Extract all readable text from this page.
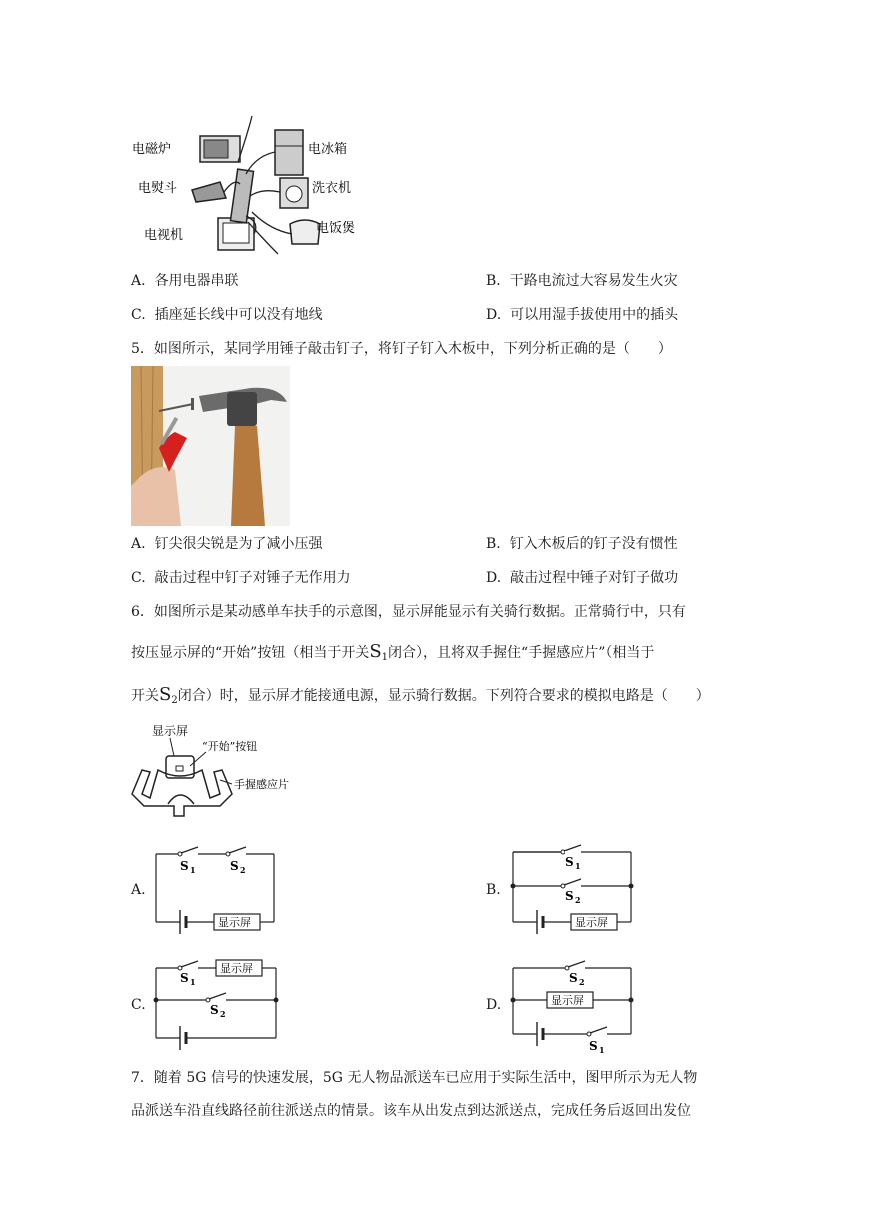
电磁炉	电冰箱
电熨斗	洗衣机
电视机	电饭煲
A. 各用电器串联	B. 干路电流过大容易发生火灾
C. 插座延长线中可以没有地线	D. 可以用湿手拔使用中的插头
5．如图所示，某同学用锤子敲击钉子，将钉子钉入木板中，下列分析正确的是（　　）
A. 钉尖很尖锐是为了减小压强	B. 钉入木板后的钉子没有惯性
C. 敲击过程中钉子对锤子无作用力	D. 敲击过程中锤子对钉子做功
6．如图所示是某动感单车扶手的示意图，显示屏能显示有关骑行数据。正常骑行中，只有
按压显示屏的“开始”按钮（相当于开关$S_1$闭合），且将双手握住“手握感应片”（相当于
开关$S_2$闭合）时，显示屏才能接通电源，显示骑行数据。下列符合要求的模拟电路是（　　）
显示屏
“开始”按钮
手握感应片
A.
S 1	S 2
显示屏
B.
S 1
S 2
显示屏
C.
S 1
显示屏
S 2
D.
S 2
显示屏
S 1
7．随着 5G 信号的快速发展，5G 无人物品派送车已应用于实际生活中，图甲所示为无人物
品派送车沿直线路径前往派送点的情景。该车从出发点到达派送点，完成任务后返回出发位
